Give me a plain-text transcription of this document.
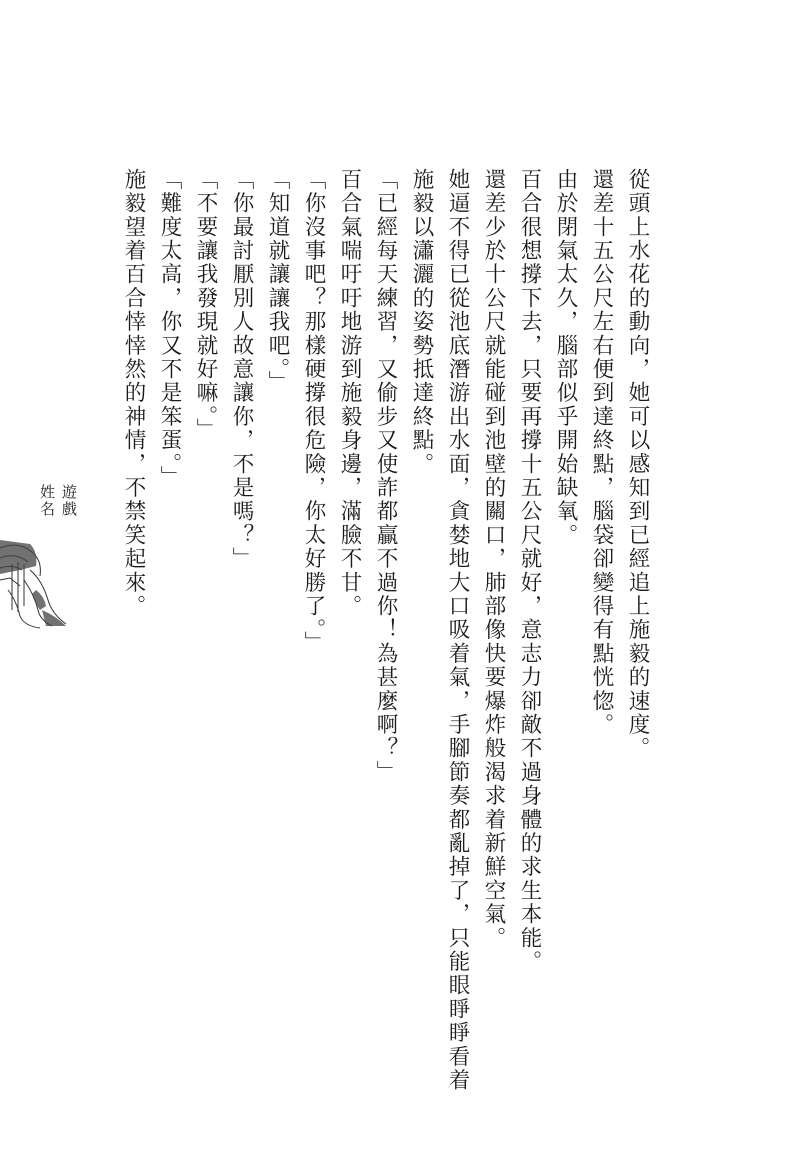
從頭上水花的動向，她可以感知到已經追上施毅的速度。

還差十五公尺左右便到達終點，腦袋卻變得有點恍惚。

由於閉氣太久，腦部似乎開始缺氧。

百合很想撐下去，只要再撐十五公尺就好，意志力卻敵不過身體的求生本能。

還差少於十公尺就能碰到池壁的關口，肺部像快要爆炸般渴求着新鮮空氣。

她逼不得已從池底潛游出水面，貪婪地大口吸着氣，手腳節奏都亂掉了，只能眼睜睜看着施毅以瀟灑的姿勢抵達終點。

「已經每天練習，又偷步又使詐都贏不過你！為甚麼啊？」

百合氣喘吁吁地游到施毅身邊，滿臉不甘。

「你沒事吧？那樣硬撐很危險，你太好勝了。」

「知道就讓讓我吧。」

「你最討厭別人故意讓你，不是嗎？」

「不要讓我發現就好嘛。」

「難度太高，你又不是笨蛋。」

施毅望着百合悻悻然的神情，不禁笑起來。

遊戲
姓名
